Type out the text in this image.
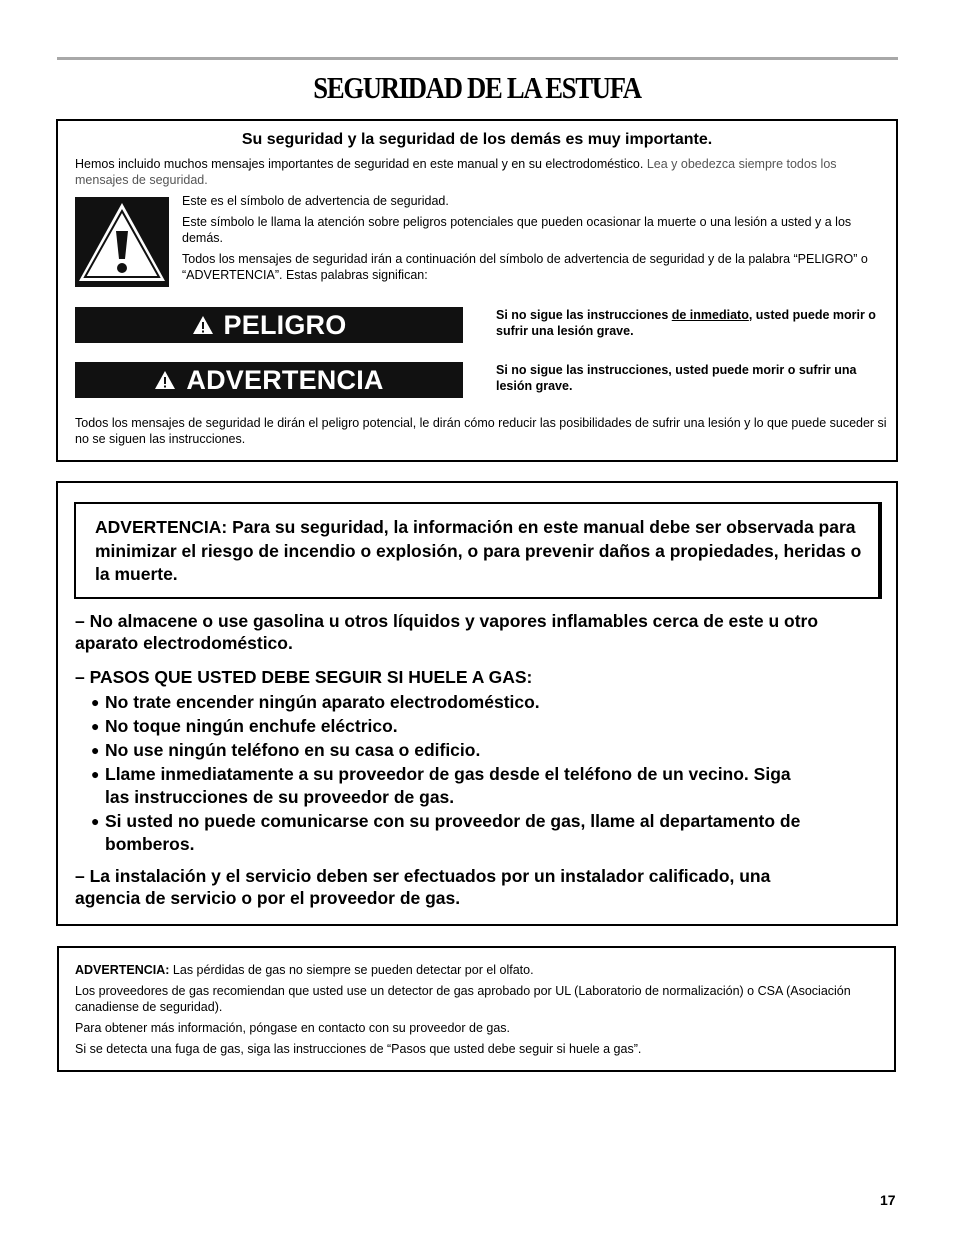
SEGURIDAD DE LA ESTUFA

Su seguridad y la seguridad de los demás es muy importante.

Hemos incluido muchos mensajes importantes de seguridad en este manual y en su electrodoméstico. Lea y obedezca siempre todos los mensajes de seguridad.

Este es el símbolo de advertencia de seguridad.

Este símbolo le llama la atención sobre peligros potenciales que pueden ocasionar la muerte o una lesión a usted y a los demás.

Todos los mensajes de seguridad irán a continuación del símbolo de advertencia de seguridad y de la palabra “PELIGRO” o “ADVERTENCIA”. Estas palabras significan:

PELIGRO	Si no sigue las instrucciones de inmediato, usted puede morir o sufrir una lesión grave.

ADVERTENCIA	Si no sigue las instrucciones, usted puede morir o sufrir una lesión grave.

Todos los mensajes de seguridad le dirán el peligro potencial, le dirán cómo reducir las posibilidades de sufrir una lesión y lo que puede suceder si no se siguen las instrucciones.

ADVERTENCIA: Para su seguridad, la información en este manual debe ser observada para minimizar el riesgo de incendio o explosión, o para prevenir daños a propiedades, heridas o la muerte.

– No almacene o use gasolina u otros líquidos y vapores inflamables cerca de este u otro aparato electrodoméstico.

– PASOS QUE USTED DEBE SEGUIR SI HUELE A GAS:

● No trate encender ningún aparato electrodoméstico.
● No toque ningún enchufe eléctrico.
● No use ningún teléfono en su casa o edificio.
● Llame inmediatamente a su proveedor de gas desde el teléfono de un vecino. Siga las instrucciones de su proveedor de gas.
● Si usted no puede comunicarse con su proveedor de gas, llame al departamento de bomberos.

– La instalación y el servicio deben ser efectuados por un instalador calificado, una agencia de servicio o por el proveedor de gas.

ADVERTENCIA: Las pérdidas de gas no siempre se pueden detectar por el olfato.

Los proveedores de gas recomiendan que usted use un detector de gas aprobado por UL (Laboratorio de normalización) o CSA (Asociación canadiense de seguridad).

Para obtener más información, póngase en contacto con su proveedor de gas.

Si se detecta una fuga de gas, siga las instrucciones de “Pasos que usted debe seguir si huele a gas”.

17
